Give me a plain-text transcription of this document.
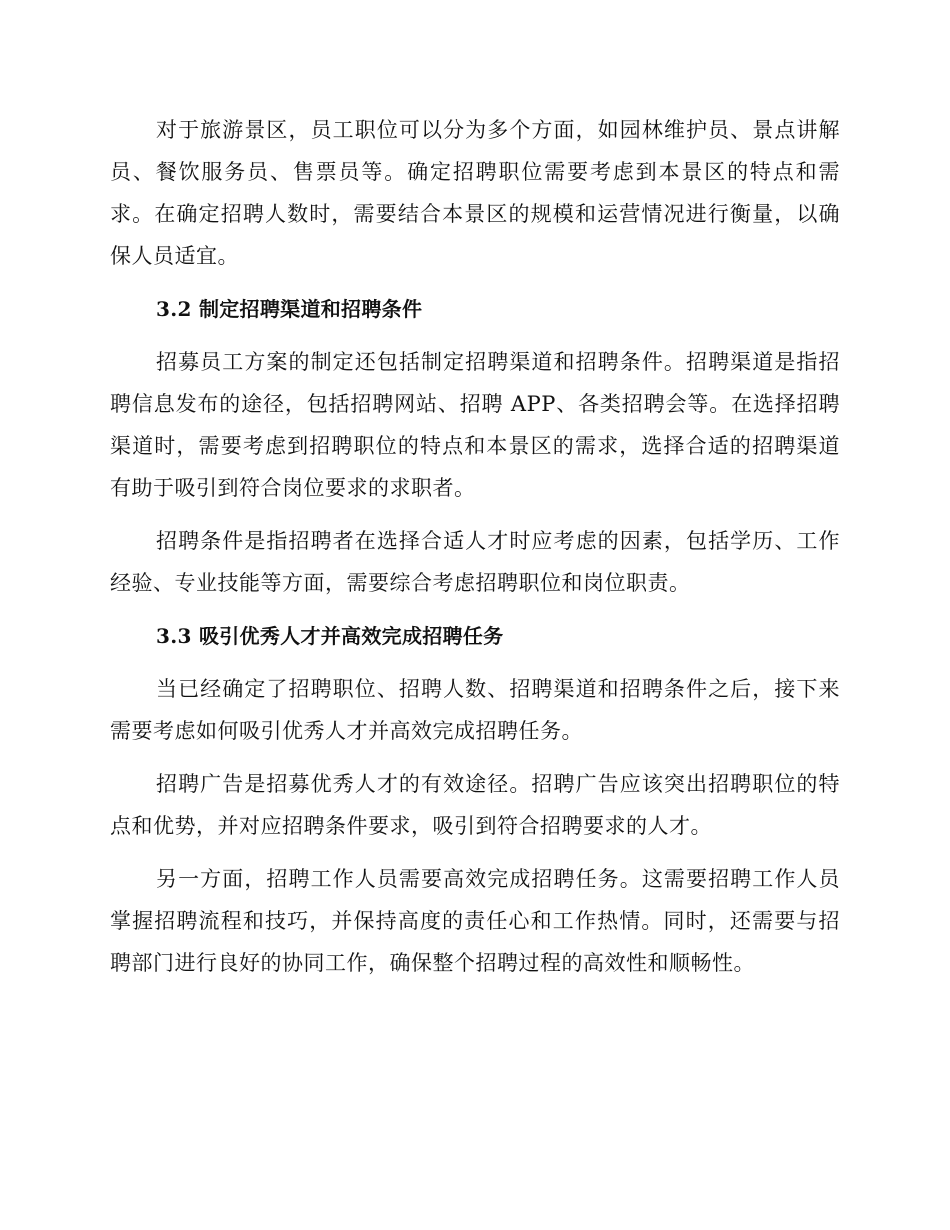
对于旅游景区，员工职位可以分为多个方面，如园林维护员、景点讲解员、餐饮服务员、售票员等。确定招聘职位需要考虑到本景区的特点和需求。在确定招聘人数时，需要结合本景区的规模和运营情况进行衡量，以确保人员适宜。

3.2 制定招聘渠道和招聘条件

招募员工方案的制定还包括制定招聘渠道和招聘条件。招聘渠道是指招聘信息发布的途径，包括招聘网站、招聘 APP、各类招聘会等。在选择招聘渠道时，需要考虑到招聘职位的特点和本景区的需求，选择合适的招聘渠道有助于吸引到符合岗位要求的求职者。

招聘条件是指招聘者在选择合适人才时应考虑的因素，包括学历、工作经验、专业技能等方面，需要综合考虑招聘职位和岗位职责。

3.3 吸引优秀人才并高效完成招聘任务

当已经确定了招聘职位、招聘人数、招聘渠道和招聘条件之后，接下来需要考虑如何吸引优秀人才并高效完成招聘任务。

招聘广告是招募优秀人才的有效途径。招聘广告应该突出招聘职位的特点和优势，并对应招聘条件要求，吸引到符合招聘要求的人才。

另一方面，招聘工作人员需要高效完成招聘任务。这需要招聘工作人员掌握招聘流程和技巧，并保持高度的责任心和工作热情。同时，还需要与招聘部门进行良好的协同工作，确保整个招聘过程的高效性和顺畅性。
